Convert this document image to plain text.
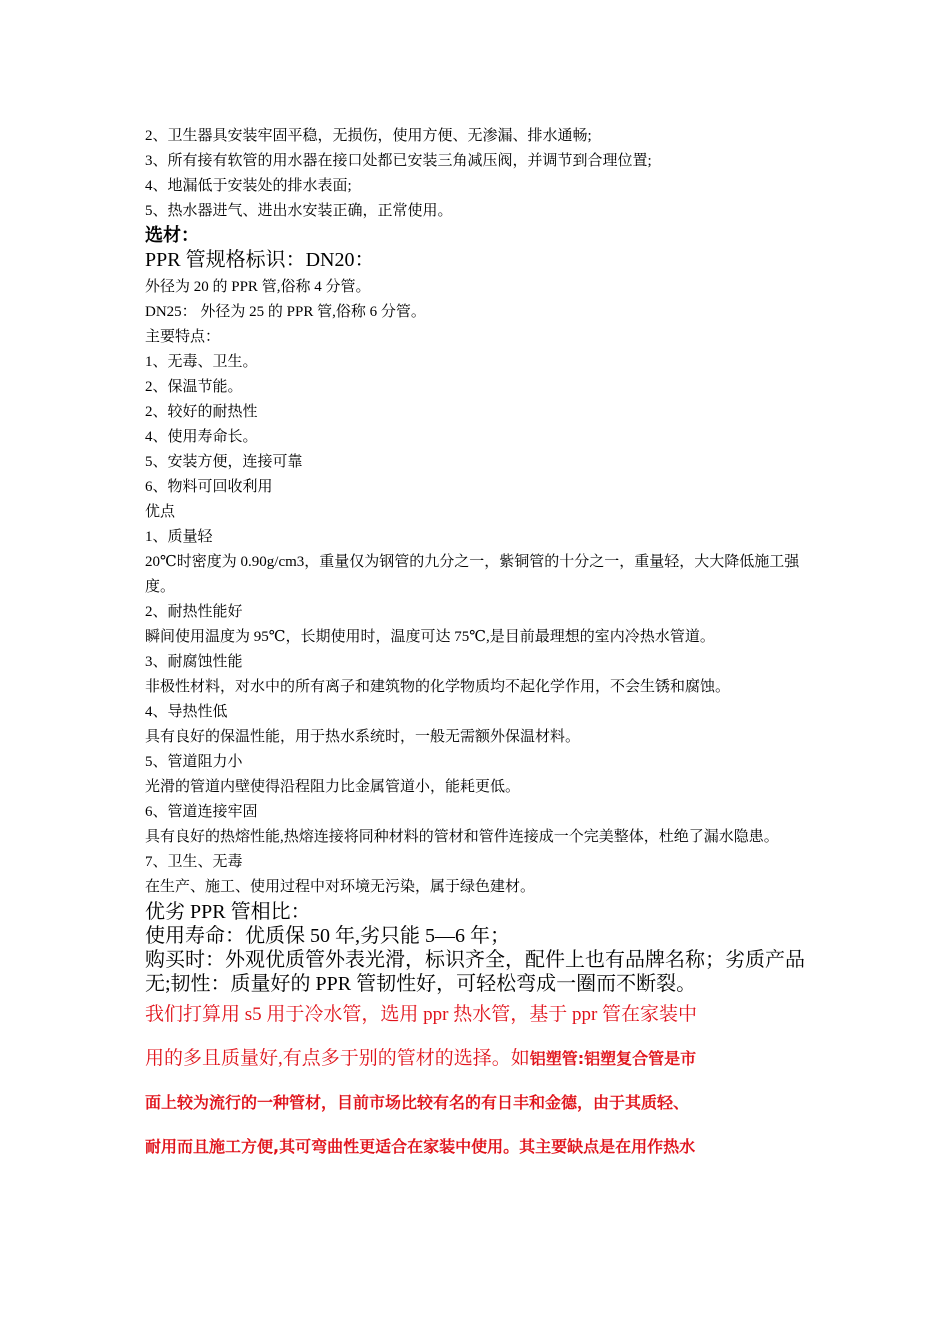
2、卫生器具安装牢固平稳，无损伤，使用方便、无渗漏、排水通畅;

3、所有接有软管的用水器在接口处都已安装三角减压阀，并调节到合理位置;

4、地漏低于安装处的排水表面;

5、热水器进气、进出水安装正确，正常使用。

选材：

PPR 管规格标识：DN20：

外径为 20 的 PPR 管,俗称 4 分管。

DN25： 外径为 25 的 PPR 管,俗称 6 分管。

主要特点：

1、无毒、卫生。

2、保温节能。

2、较好的耐热性

4、使用寿命长。

5、安装方便，连接可靠

6、物料可回收利用

优点

1、质量轻

20℃时密度为 0.90g/cm3，重量仅为钢管的九分之一，紫铜管的十分之一，重量轻，大大降低施工强度。

2、耐热性能好

瞬间使用温度为 95℃，长期使用时，温度可达 75℃,是目前最理想的室内冷热水管道。

3、耐腐蚀性能

非极性材料，对水中的所有离子和建筑物的化学物质均不起化学作用，不会生锈和腐蚀。

4、导热性低

具有良好的保温性能，用于热水系统时，一般无需额外保温材料。

5、管道阻力小

光滑的管道内壁使得沿程阻力比金属管道小，能耗更低。

6、管道连接牢固

具有良好的热熔性能,热熔连接将同种材料的管材和管件连接成一个完美整体，杜绝了漏水隐患。

7、卫生、无毒

在生产、施工、使用过程中对环境无污染，属于绿色建材。

优劣 PPR 管相比：

使用寿命：优质保 50 年,劣只能 5—6 年；

购买时：外观优质管外表光滑，标识齐全，配件上也有品牌名称；劣质产品无;韧性：质量好的 PPR 管韧性好，可轻松弯成一圈而不断裂。

我们打算用 s5 用于冷水管，选用 ppr 热水管，基于 ppr 管在家装中
用的多且质量好,有点多于别的管材的选择。如铝塑管:铝塑复合管是市
面上较为流行的一种管材，目前市场比较有名的有日丰和金德，由于其质轻、
耐用而且施工方便,其可弯曲性更适合在家装中使用。其主要缺点是在用作热水
